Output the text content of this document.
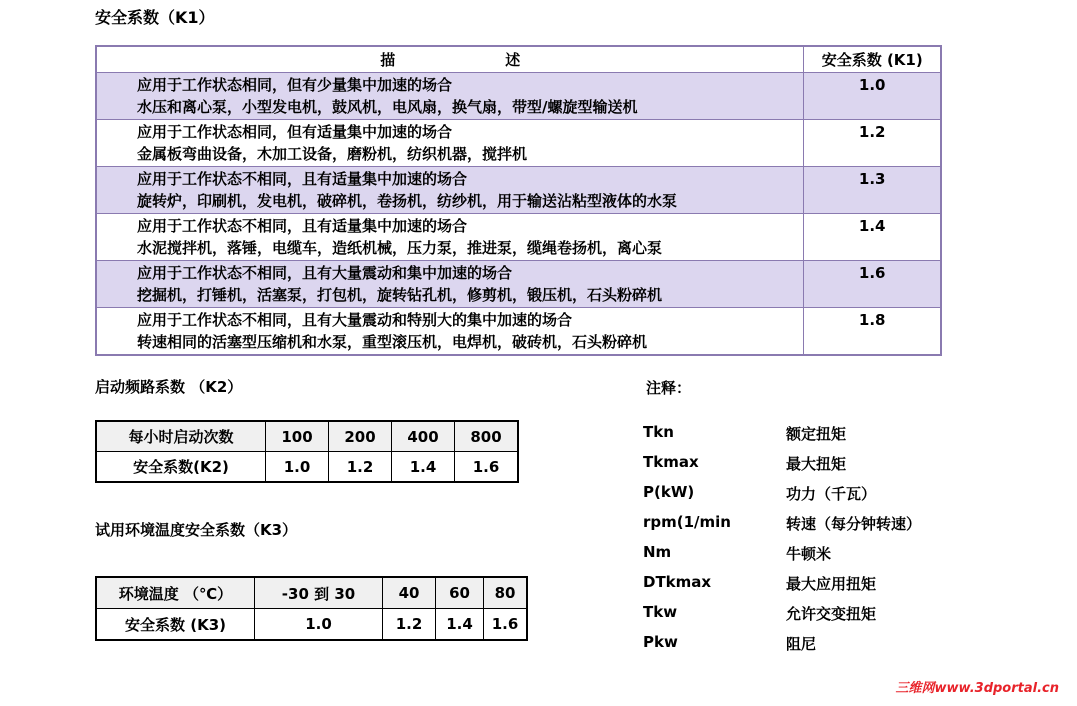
安全系数（K1）
描 述	安全系数 (K1)

应用于工作状态相同，但有少量集中加速的场合
水压和离心泵，小型发电机，鼓风机，电风扇，换气扇，带型/螺旋型输送机	1.0

应用于工作状态相同，但有适量集中加速的场合
金属板弯曲设备，木加工设备，磨粉机，纺织机器，搅拌机	1.2

应用于工作状态不相同，且有适量集中加速的场合
旋转炉，印刷机，发电机，破碎机，卷扬机，纺纱机，用于输送沾粘型液体的水泵	1.3

应用于工作状态不相同，且有适量集中加速的场合
水泥搅拌机，落锤，电缆车，造纸机械，压力泵，推进泵，缆绳卷扬机，离心泵	1.4

应用于工作状态不相同，且有大量震动和集中加速的场合
挖掘机，打锤机，活塞泵，打包机，旋转钻孔机，修剪机，锻压机，石头粉碎机	1.6

应用于工作状态不相同，且有大量震动和特别大的集中加速的场合
转速相同的活塞型压缩机和水泵，重型滚压机，电焊机，破砖机，石头粉碎机	1.8
启动频路系数 （K2）
每小时启动次数	100	200	400	800
安全系数(K2)	1.0	1.2	1.4	1.6
试用环境温度安全系数（K3）
环境温度 （℃）	-30 到 30	40	60	80
安全系数 (K3)	1.0	1.2	1.4	1.6
注释：
Tkn	额定扭矩
Tkmax	最大扭矩
P(kW)	功力（千瓦）
rpm(1/min	转速（每分钟转速）
Nm	牛顿米
DTkmax	最大应用扭矩
Tkw	允许交变扭矩
Pkw	阻尼
三维网www.3dportal.cn
